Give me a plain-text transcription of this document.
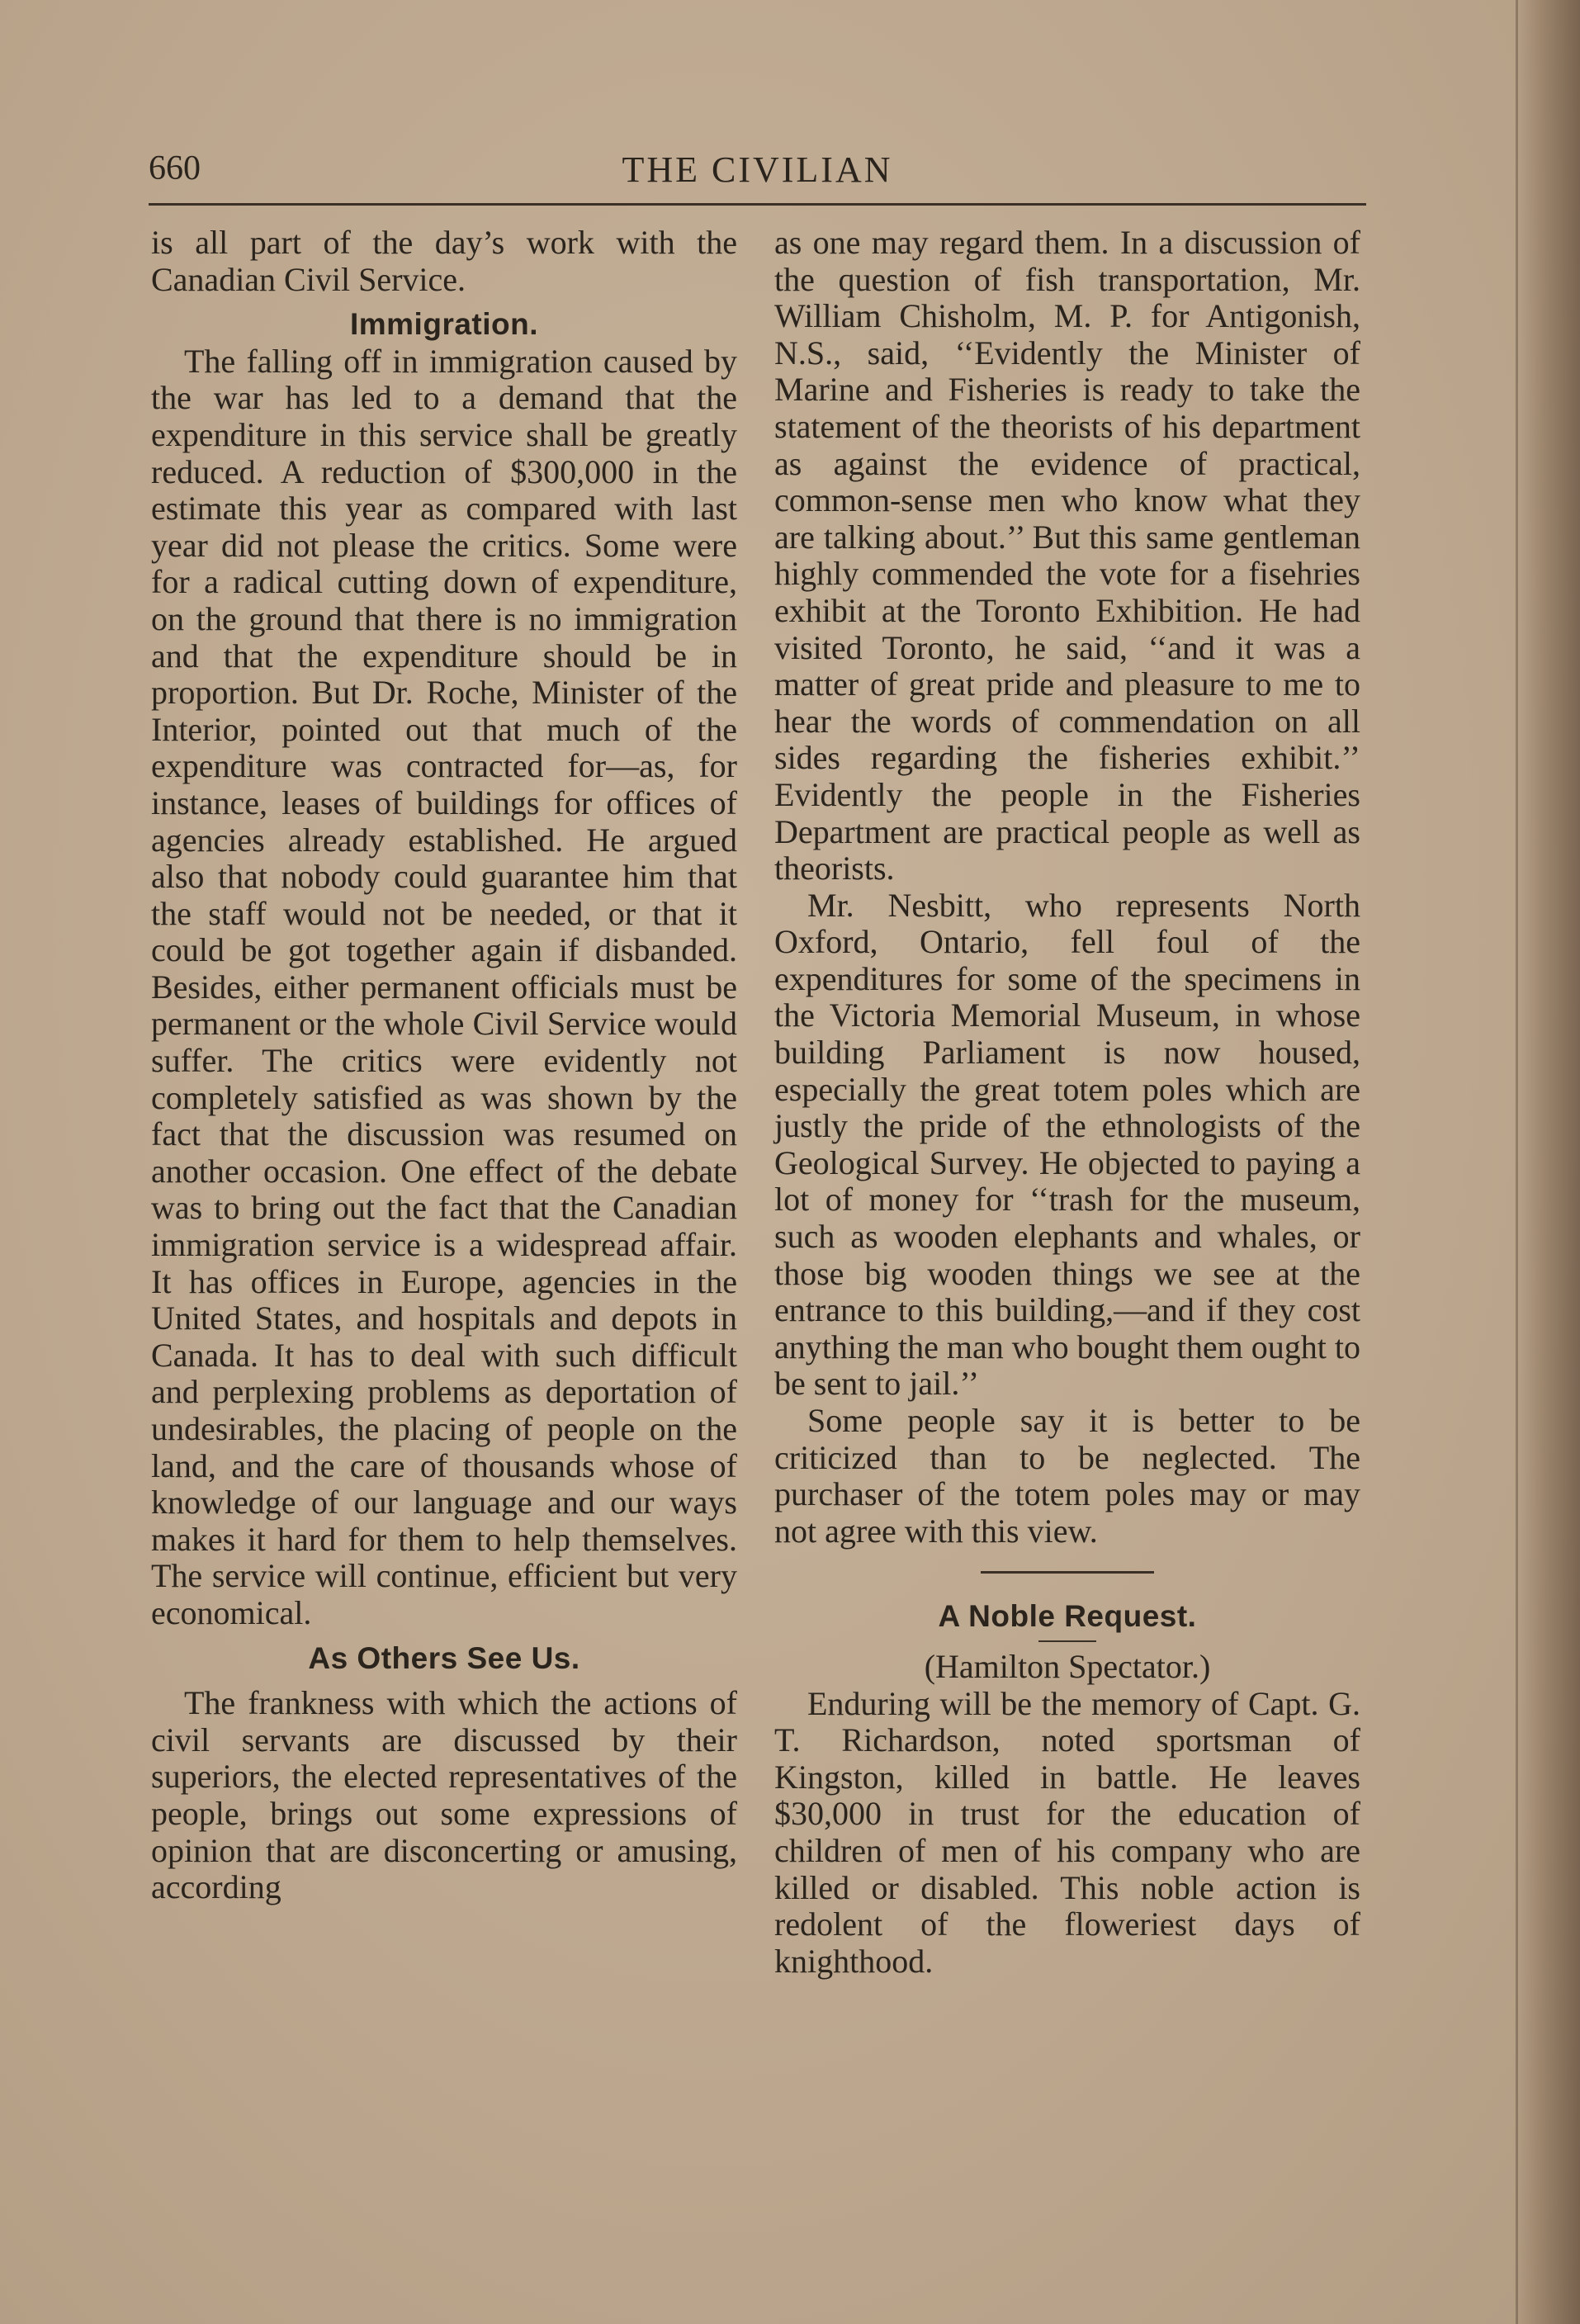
660	THE CIVILIAN

is all part of the day’s work with the Canadian Civil Service.

Immigration.

The falling off in immigration caused by the war has led to a demand that the expenditure in this service shall be greatly reduced. A reduction of $300,000 in the estimate this year as compared with last year did not please the critics. Some were for a radical cutting down of expenditure, on the ground that there is no immigration and that the expenditure should be in proportion. But Dr. Roche, Minister of the Interior, pointed out that much of the expenditure was contracted for—as, for instance, leases of buildings for offices of agencies already established. He argued also that nobody could guarantee him that the staff would not be needed, or that it could be got together again if disbanded. Besides, either permanent officials must be permanent or the whole Civil Service would suffer. The critics were evidently not completely satisfied as was shown by the fact that the discussion was resumed on another occasion. One effect of the debate was to bring out the fact that the Canadian immigration service is a widespread affair. It has offices in Europe, agencies in the United States, and hospitals and depots in Canada. It has to deal with such difficult and perplexing problems as deportation of undesirables, the placing of people on the land, and the care of thousands whose of knowledge of our language and our ways makes it hard for them to help themselves. The service will continue, efficient but very economical.

As Others See Us.

The frankness with which the actions of civil servants are discussed by their superiors, the elected representatives of the people, brings out some expressions of opinion that are disconcerting or amusing, according

as one may regard them. In a discussion of the question of fish transportation, Mr. William Chisholm, M. P. for Antigonish, N.S., said, ‘‘Evidently the Minister of Marine and Fisheries is ready to take the statement of the theorists of his department as against the evidence of practical, common-sense men who know what they are talking about.’’ But this same gentleman highly commended the vote for a fisehries exhibit at the Toronto Exhibition. He had visited Toronto, he said, ‘‘and it was a matter of great pride and pleasure to me to hear the words of commendation on all sides regarding the fisheries exhibit.’’ Evidently the people in the Fisheries Department are practical people as well as theorists.

Mr. Nesbitt, who represents North Oxford, Ontario, fell foul of the expenditures for some of the specimens in the Victoria Memorial Museum, in whose building Parliament is now housed, especially the great totem poles which are justly the pride of the ethnologists of the Geological Survey. He objected to paying a lot of money for ‘‘trash for the museum, such as wooden elephants and whales, or those big wooden things we see at the entrance to this building,—and if they cost anything the man who bought them ought to be sent to jail.’’

Some people say it is better to be criticized than to be neglected. The purchaser of the totem poles may or may not agree with this view.

A Noble Request.

(Hamilton Spectator.)

Enduring will be the memory of Capt. G. T. Richardson, noted sportsman of Kingston, killed in battle. He leaves $30,000 in trust for the education of children of men of his company who are killed or disabled. This noble action is redolent of the floweriest days of knighthood.
